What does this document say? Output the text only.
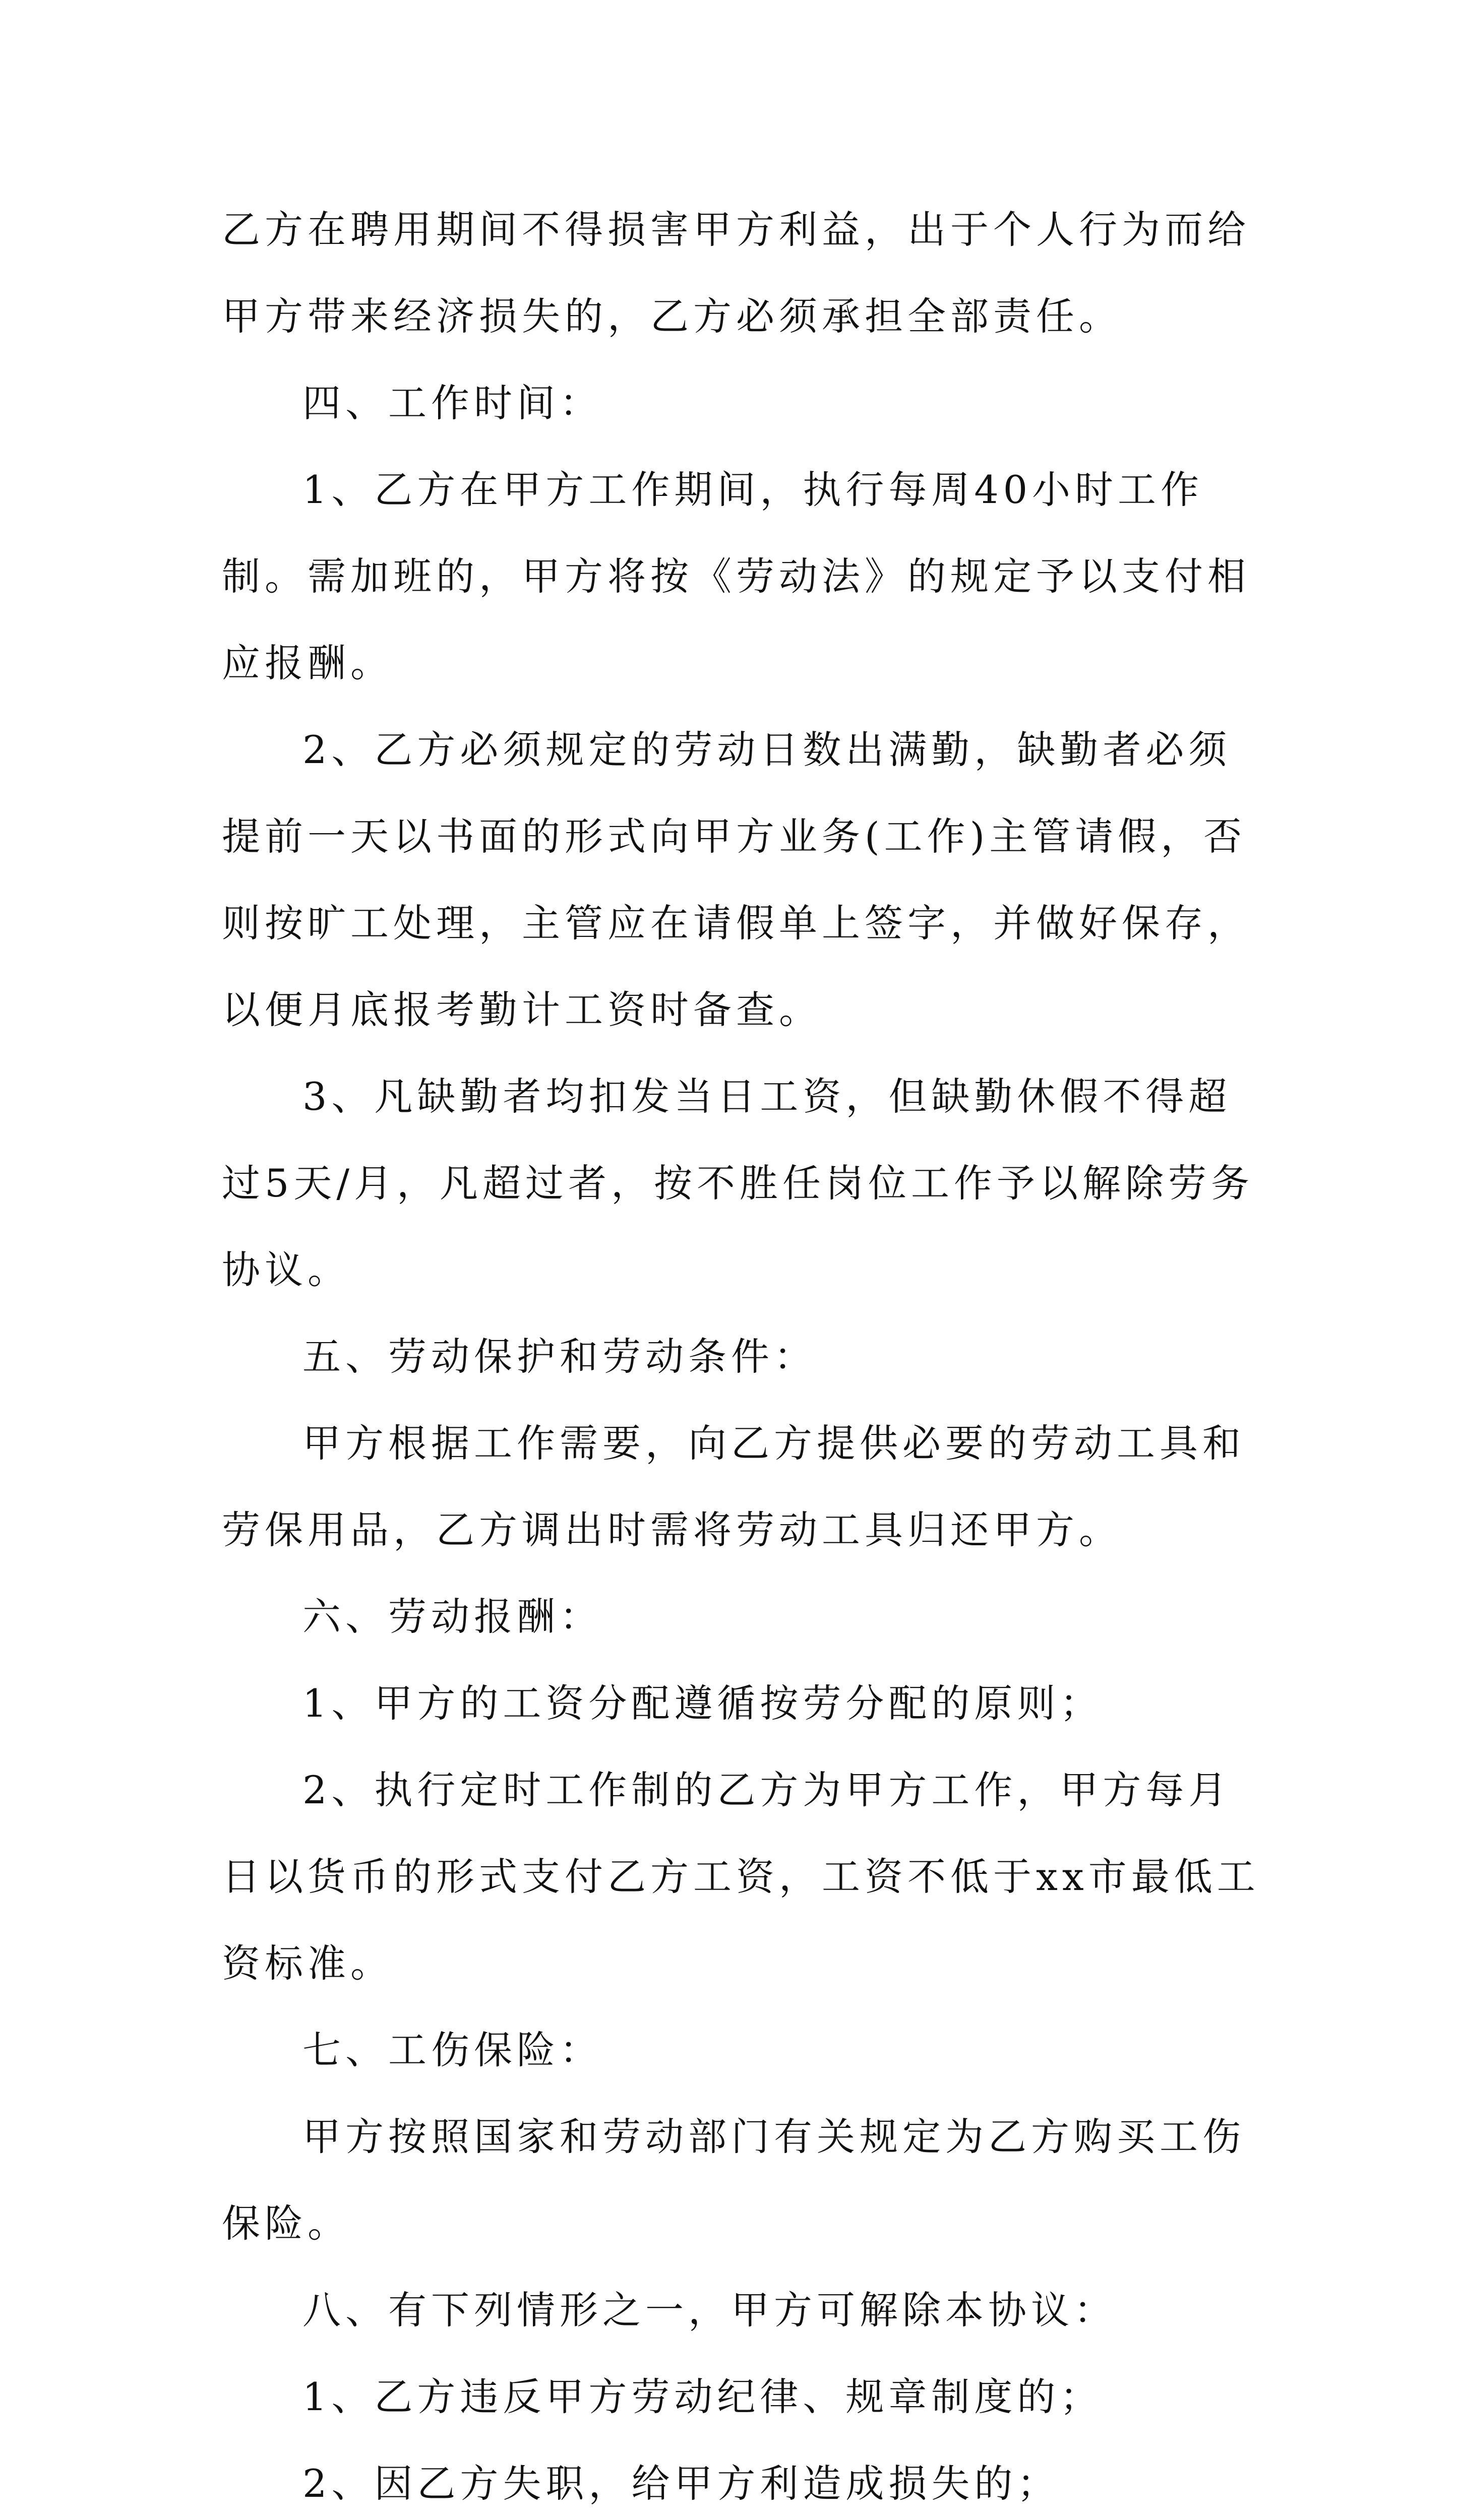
乙方在聘用期间不得损害甲方利益，出于个人行为而给甲方带来经济损失的，乙方必须承担全部责任。

四、工作时间：

1、乙方在甲方工作期间，执行每周40小时工作制。需加班的，甲方将按《劳动法》的规定予以支付相应报酬。

2、乙方必须规定的劳动日数出满勤，缺勤者必须提前一天以书面的形式向甲方业务(工作)主管请假，否则按旷工处理，主管应在请假单上签字，并做好保存，以便月底报考勤计工资时备查。

3、凡缺勤者均扣发当日工资，但缺勤休假不得超过5天/月，凡超过者，按不胜任岗位工作予以解除劳务协议。

五、劳动保护和劳动条件：

甲方根据工作需要，向乙方提供必要的劳动工具和劳保用品，乙方调出时需将劳动工具归还甲方。

六、劳动报酬：

1、甲方的工资分配遵循按劳分配的原则；

2、执行定时工作制的乙方为甲方工作，甲方每月日以货币的形式支付乙方工资，工资不低于xx市最低工资标准。

七、工伤保险：

甲方按照国家和劳动部门有关规定为乙方购买工伤保险。

八、有下列情形之一，甲方可解除本协议：

1、乙方违反甲方劳动纪律、规章制度的；

2、因乙方失职，给甲方利造成损失的；
